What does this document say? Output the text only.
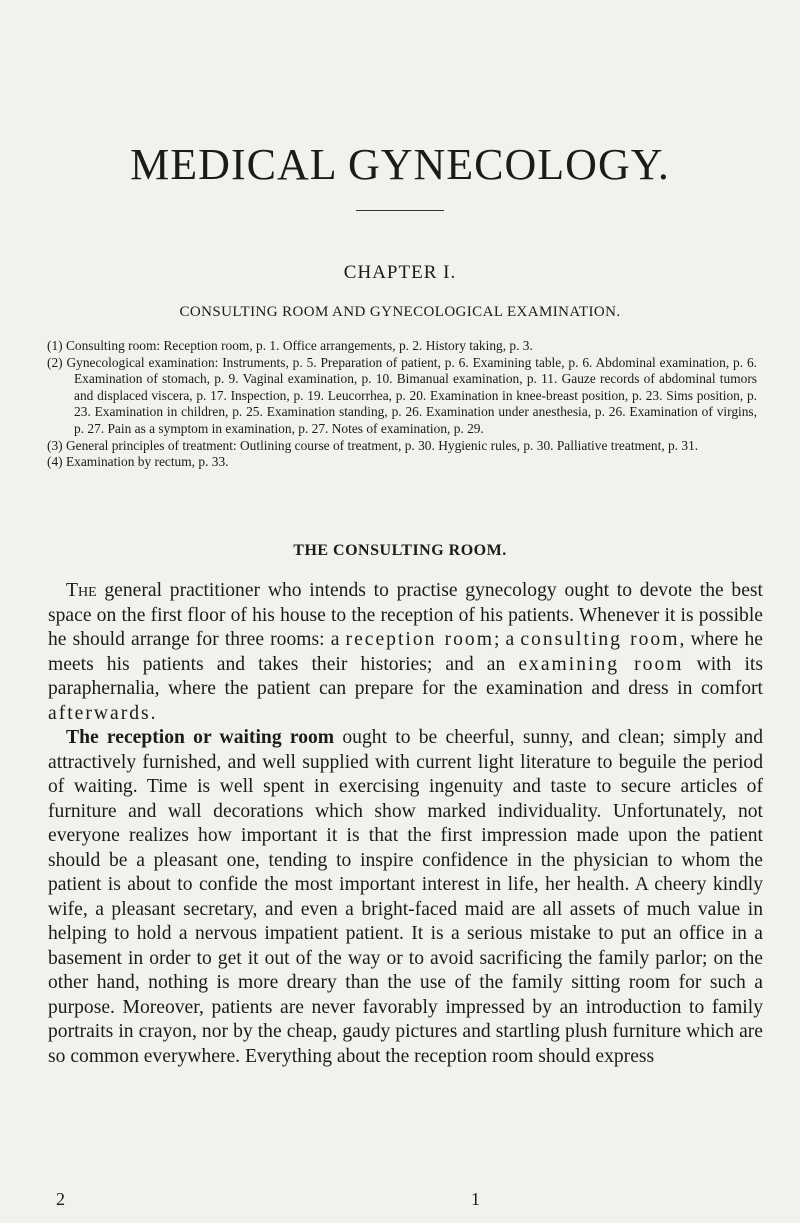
MEDICAL GYNECOLOGY.
CHAPTER I.
CONSULTING ROOM AND GYNECOLOGICAL EXAMINATION.
(1) Consulting room: Reception room, p. 1. Office arrangements, p. 2. History taking, p. 3.
(2) Gynecological examination: Instruments, p. 5. Preparation of patient, p. 6. Examining table, p. 6. Abdominal examination, p. 6. Examination of stomach, p. 9. Vaginal examination, p. 10. Bimanual examination, p. 11. Gauze records of abdominal tumors and displaced viscera, p. 17. Inspection, p. 19. Leucorrhea, p. 20. Examination in knee-breast position, p. 23. Sims position, p. 23. Examination in children, p. 25. Examination standing, p. 26. Examination under anesthesia, p. 26. Examination of virgins, p. 27. Pain as a symptom in examination, p. 27. Notes of examination, p. 29.
(3) General principles of treatment: Outlining course of treatment, p. 30. Hygienic rules, p. 30. Palliative treatment, p. 31.
(4) Examination by rectum, p. 33.
THE CONSULTING ROOM.

The general practitioner who intends to practise gynecology ought to devote the best space on the first floor of his house to the reception of his patients. Whenever it is possible he should arrange for three rooms: a reception room; a consulting room, where he meets his patients and takes their histories; and an examining room with its paraphernalia, where the patient can prepare for the examination and dress in comfort afterwards.

The reception or waiting room ought to be cheerful, sunny, and clean; simply and attractively furnished, and well supplied with current light literature to beguile the period of waiting. Time is well spent in exercising ingenuity and taste to secure articles of furniture and wall decorations which show marked individuality. Unfortunately, not everyone realizes how important it is that the first impression made upon the patient should be a pleasant one, tending to inspire confidence in the physician to whom the patient is about to confide the most important interest in life, her health. A cheery kindly wife, a pleasant secretary, and even a bright-faced maid are all assets of much value in helping to hold a nervous impatient patient. It is a serious mistake to put an office in a basement in order to get it out of the way or to avoid sacrificing the family parlor; on the other hand, nothing is more dreary than the use of the family sitting room for such a purpose. Moreover, patients are never favorably impressed by an introduction to family portraits in crayon, nor by the cheap, gaudy pictures and startling plush furniture which are so common everywhere. Everything about the reception room should express

2	1
